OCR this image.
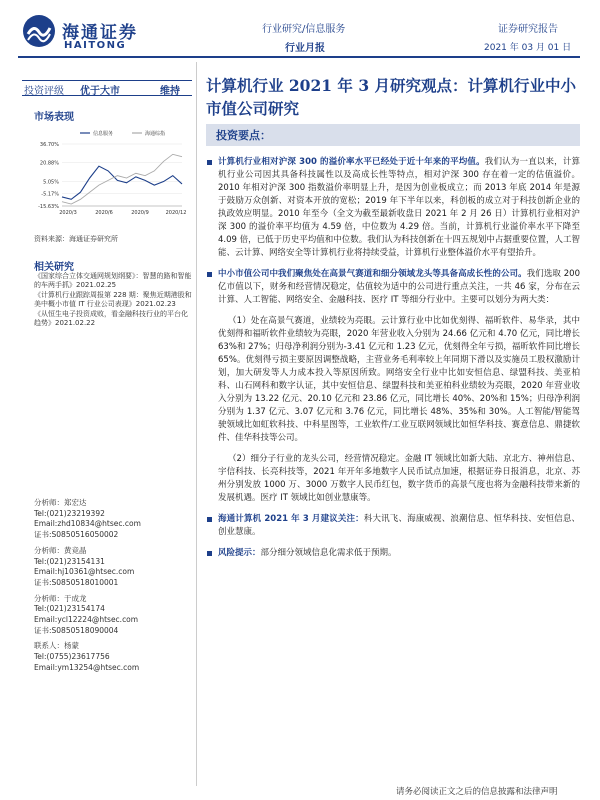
海通证券
HAITONG
行业研究/信息服务
行业月报
证券研究报告
2021 年 03 月 01 日
投资评级 优于大市	维持
市场表现
36.70%
20.88%
5.05%
-5.17%
-15.63%
2020/3	2020/6	2020/9	2020/12
信息服务	海通综指
资料来源：海通证券研究所
相关研究
《国家综合立体交通网规划纲要》：智慧的路和智能的车两手抓》2021.02.25
《计算机行业跟踪周报第 228 期：聚焦近期港股和美中概小市值 IT 行业公司表现》2021.02.23
《从恒生电子投资成败，看金融科技行业的平台化趋势》2021.02.22
分析师：郑宏达
Tel:(021)23219392
Email:zhd10834@htsec.com
证书:S0850516050002
分析师：黄竞晶
Tel:(021)23154131
Email:hj10361@htsec.com
证书:S0850518010001
分析师：于成龙
Tel:(021)23154174
Email:ycl12224@htsec.com
证书:S0850518090004
联系人：杨蒙
Tel:(0755)23617756
Email:ym13254@htsec.com
计算机行业 2021 年 3 月研究观点：计算机行业中小市值公司研究
投资要点：
计算机行业相对沪深 300 的溢价率水平已经处于近十年来的平均值。我们认为一直以来，计算机行业公司因其具备科技属性以及高成长性等特点，相对沪深 300 存在着一定的估值溢价。2010 年相对沪深 300 指数溢价率明显上升，是因为创业板成立；而 2013 年底 2014 年是源于鼓励万众创新、对资本开放的宽松；2019 年下半年以来，科创板的成立对于科技创新企业的执政效应明显。2010 年至今（全文为截至最新收盘日 2021 年 2 月 26 日）计算机行业相对沪深 300 的溢价率平均值为 4.59 倍，中位数为 4.29 倍。当前，计算机行业溢价率水平下降至 4.09 倍，已低于历史平均值和中位数。我们认为科技创新在十四五规划中占据重要位置，人工智能、云计算、网络安全等计算机行业将持续受益，计算机行业整体溢价水平有望抬升。
中小市值公司中我们聚焦处在高景气赛道和细分领域龙头等具备高成长性的公司。我们选取 200 亿市值以下，财务和经营情况稳定，估值较为适中的公司进行重点关注，一共 46 家，分布在云计算、人工智能、网络安全、金融科技、医疗 IT 等细分行业中。主要可以划分为两大类：
（1）处在高景气赛道，业绩较为亮眼。云计算行业中比如优刻得、福昕软件、易华录，其中优刻得和福昕软件业绩较为亮眼，2020 年营业收入分别为 24.66 亿元和 4.70 亿元，同比增长 63%和 27%；归母净利润分别为-3.41 亿元和 1.23 亿元，优刻得全年亏损，福昕软件同比增长 65%。优刻得亏损主要原因调整战略，主营业务毛利率较上年同期下滑以及实施员工股权激励计划，加大研发等人力成本投入等原因所致。网络安全行业中比如安恒信息、绿盟科技、美亚柏科、山石网科和数字认证，其中安恒信息、绿盟科技和美亚柏科业绩较为亮眼，2020 年营业收入分别为 13.22 亿元、20.10 亿元和 23.86 亿元，同比增长 40%、20%和 15%；归母净利润分别为 1.37 亿元、3.07 亿元和 3.76 亿元，同比增长 48%、35%和 30%。人工智能/智能驾驶领域比如虹软科技、中科星图等，工业软件/工业互联网领域比如恒华科技、赛意信息、鼎捷软件、佳华科技等公司。
（2）细分子行业的龙头公司，经营情况稳定。金融 IT 领域比如新大陆、京北方、神州信息、宇信科技、长亮科技等，2021 年开年多地数字人民币试点加速，根据证券日报消息，北京、苏州分别发放 1000 万、3000 万数字人民币红包，数字货币的高景气度也将为金融科技带来新的发展机遇。医疗 IT 领域比如创业慧康等。
海通计算机 2021 年 3 月建议关注：科大讯飞、海康威视、浪潮信息、恒华科技、安恒信息、创业慧康。
风险提示：部分细分领域信息化需求低于预期。
请务必阅读正文之后的信息披露和法律声明
